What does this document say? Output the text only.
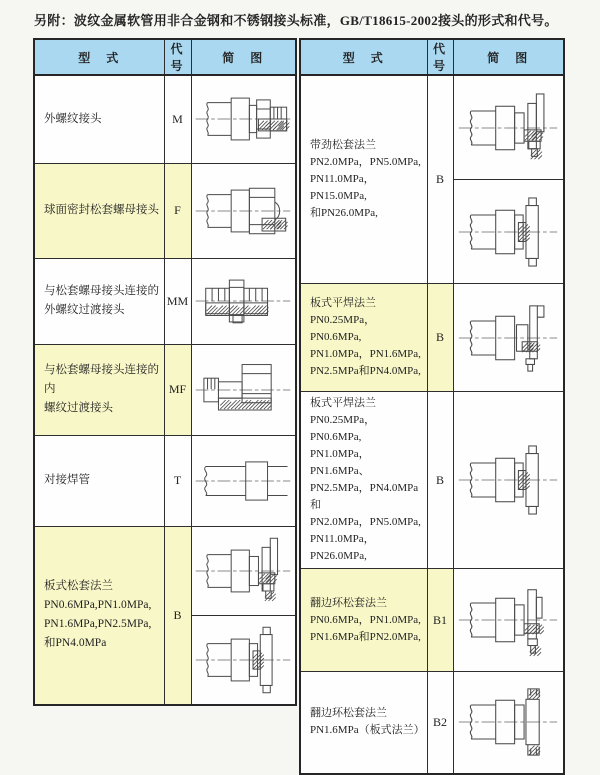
另附：波纹金属软管用非合金钢和不锈钢接头标准，GB/T18615-2002接头的形式和代号。
型　式	代号	简　图

外螺纹接头	M	

球面密封松套螺母接头	F	

与松套螺母接头连接的
外螺纹过渡接头	MM	

与松套螺母接头连接的内
螺纹过渡接头	MF	

对接焊管	T	

板式松套法兰
PN0.6MPa,PN1.0MPa,
PN1.6MPa,PN2.5MPa,
和PN4.0MPa	B	
型　式	代号	简　图

带劲松套法兰
PN2.0MPa，PN5.0MPa,
PN11.0MPa，PN15.0MPa,
和PN26.0MPa,	B	

板式平焊法兰
PN0.25MPa，PN0.6MPa,
PN1.0MPa，PN1.6MPa,
PN2.5MPa和PN4.0MPa,	B	

板式平焊法兰
PN0.25MPa，PN0.6MPa,
PN1.0MPa，PN1.6MPa、
PN2.5MPa，PN4.0MPa和
PN2.0MPa，PN5.0MPa,
PN11.0MPa，PN26.0MPa,
	B	

翻边环松套法兰
PN0.6MPa，PN1.0MPa,
PN1.6MPa和PN2.0MPa,	B1	

翻边环松套法兰
PN1.6MPa（板式法兰）	B2	
